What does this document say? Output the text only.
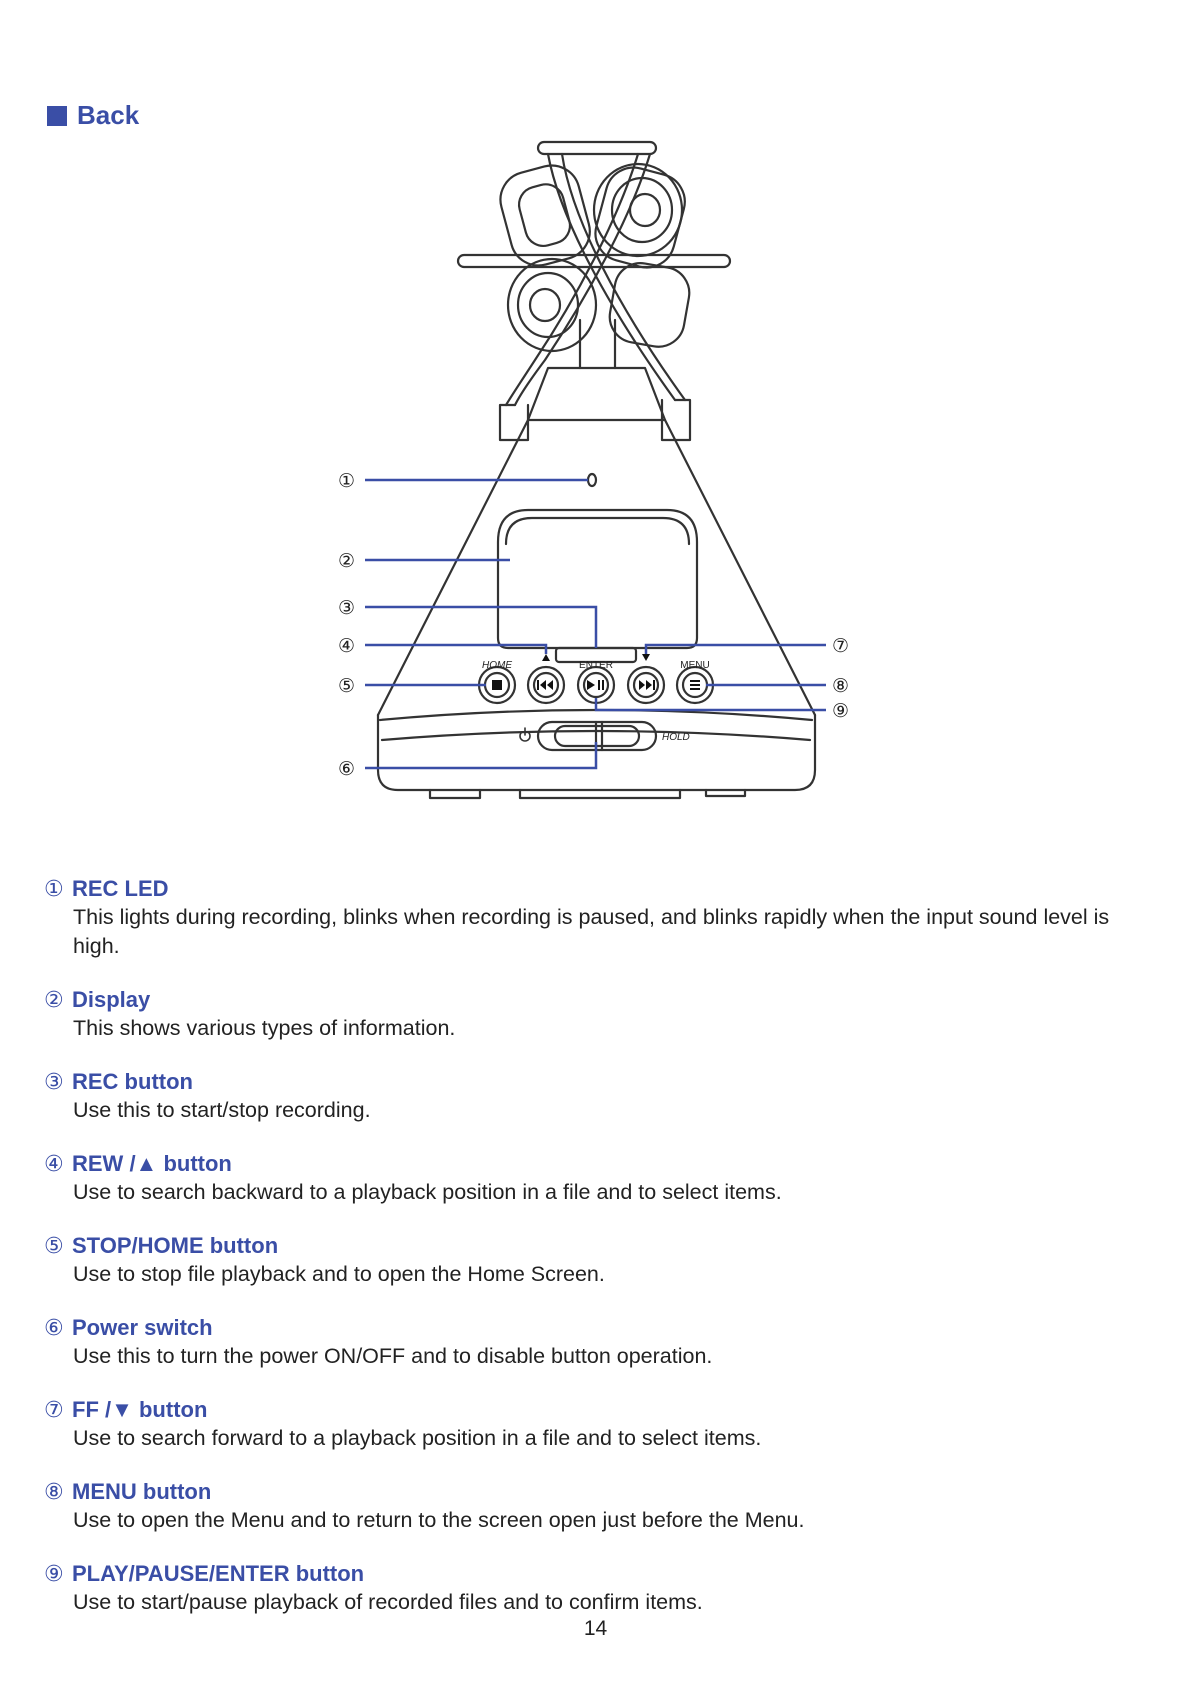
Back
HOME	ENTER	MENU
HOLD
①
②
③
④
⑤
⑥
⑦
⑧
⑨
① REC LED
This lights during recording, blinks when recording is paused, and blinks rapidly when the input sound level is high.
② Display
This shows various types of information.
③ REC button
Use this to start/stop recording.
④ REW /▲ button
Use to search backward to a playback position in a file and to select items.
⑤ STOP/HOME button
Use to stop file playback and to open the Home Screen.
⑥ Power switch
Use this to turn the power ON/OFF and to disable button operation.
⑦ FF /▼ button
Use to search forward to a playback position in a file and to select items.
⑧ MENU button
Use to open the Menu and to return to the screen open just before the Menu.
⑨ PLAY/PAUSE/ENTER button
Use to start/pause playback of recorded files and to confirm items.
14
